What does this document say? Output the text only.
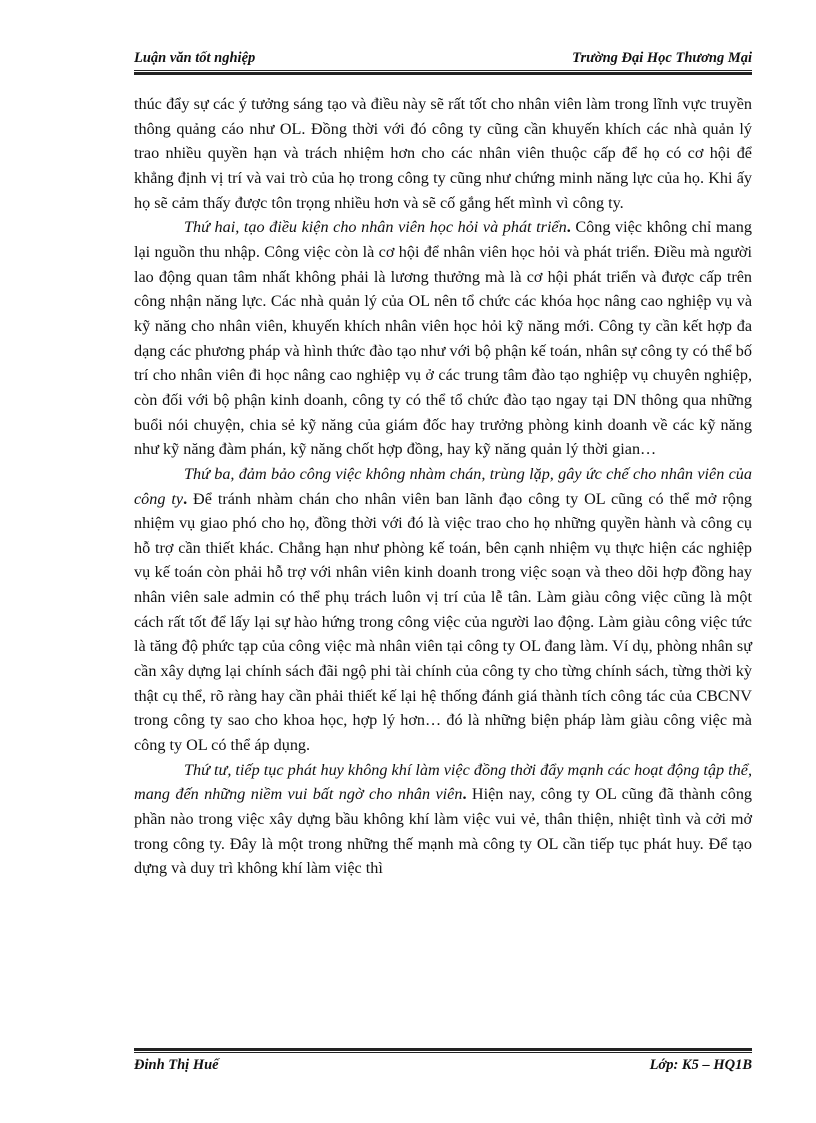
Luận văn tốt nghiệp	Trường Đại Học Thương Mại

thúc đẩy sự các ý tưởng sáng tạo và điều này sẽ rất tốt cho nhân viên làm trong lĩnh vực truyền thông quảng cáo như OL. Đồng thời với đó công ty cũng cần khuyến khích các nhà quản lý trao nhiều quyền hạn và trách nhiệm hơn cho các nhân viên thuộc cấp để họ có cơ hội để khẳng định vị trí và vai trò của họ trong công ty cũng như chứng minh năng lực của họ. Khi ấy họ sẽ cảm thấy được tôn trọng nhiều hơn và sẽ cố gắng hết mình vì công ty.

Thứ hai, tạo điều kiện cho nhân viên học hỏi và phát triển. Công việc không chỉ mang lại nguồn thu nhập. Công việc còn là cơ hội để nhân viên học hỏi và phát triển. Điều mà người lao động quan tâm nhất không phải là lương thưởng mà là cơ hội phát triển và được cấp trên công nhận năng lực. Các nhà quản lý của OL nên tổ chức các khóa học nâng cao nghiệp vụ và kỹ năng cho nhân viên, khuyến khích nhân viên học hỏi kỹ năng mới. Công ty cần kết hợp đa dạng các phương pháp và hình thức đào tạo như với bộ phận kế toán, nhân sự công ty có thể bố trí cho nhân viên đi học nâng cao nghiệp vụ ở các trung tâm đào tạo nghiệp vụ chuyên nghiệp, còn đối với bộ phận kinh doanh, công ty có thể tổ chức đào tạo ngay tại DN thông qua những buổi nói chuyện, chia sẻ kỹ năng của giám đốc hay trưởng phòng kinh doanh về các kỹ năng như kỹ năng đàm phán, kỹ năng chốt hợp đồng, hay kỹ năng quản lý thời gian…

Thứ ba, đảm bảo công việc không nhàm chán, trùng lặp, gây ức chế cho nhân viên của công ty. Để tránh nhàm chán cho nhân viên ban lãnh đạo công ty OL cũng có thể mở rộng nhiệm vụ giao phó cho họ, đồng thời với đó là việc trao cho họ những quyền hành và công cụ hỗ trợ cần thiết khác. Chẳng hạn như phòng kế toán, bên cạnh nhiệm vụ thực hiện các nghiệp vụ kế toán còn phải hỗ trợ với nhân viên kinh doanh trong việc soạn và theo dõi hợp đồng hay nhân viên sale admin có thể phụ trách luôn vị trí của lễ tân. Làm giàu công việc cũng là một cách rất tốt để lấy lại sự hào hứng trong công việc của người lao động. Làm giàu công việc tức là tăng độ phức tạp của công việc mà nhân viên tại công ty OL đang làm. Ví dụ, phòng nhân sự cần xây dựng lại chính sách đãi ngộ phi tài chính của công ty cho từng chính sách, từng thời kỳ thật cụ thể, rõ ràng hay cần phải thiết kế lại hệ thống đánh giá thành tích công tác của CBCNV trong công ty sao cho khoa học, hợp lý hơn… đó là những biện pháp làm giàu công việc mà công ty OL có thể áp dụng.

Thứ tư, tiếp tục phát huy không khí làm việc đồng thời đẩy mạnh các hoạt động tập thể, mang đến những niềm vui bất ngờ cho nhân viên. Hiện nay, công ty OL cũng đã thành công phần nào trong việc xây dựng bầu không khí làm việc vui vẻ, thân thiện, nhiệt tình và cởi mở trong công ty. Đây là một trong những thế mạnh mà công ty OL cần tiếp tục phát huy. Để tạo dựng và duy trì không khí làm việc thì

Đinh Thị Huế	Lớp: K5 – HQ1B
